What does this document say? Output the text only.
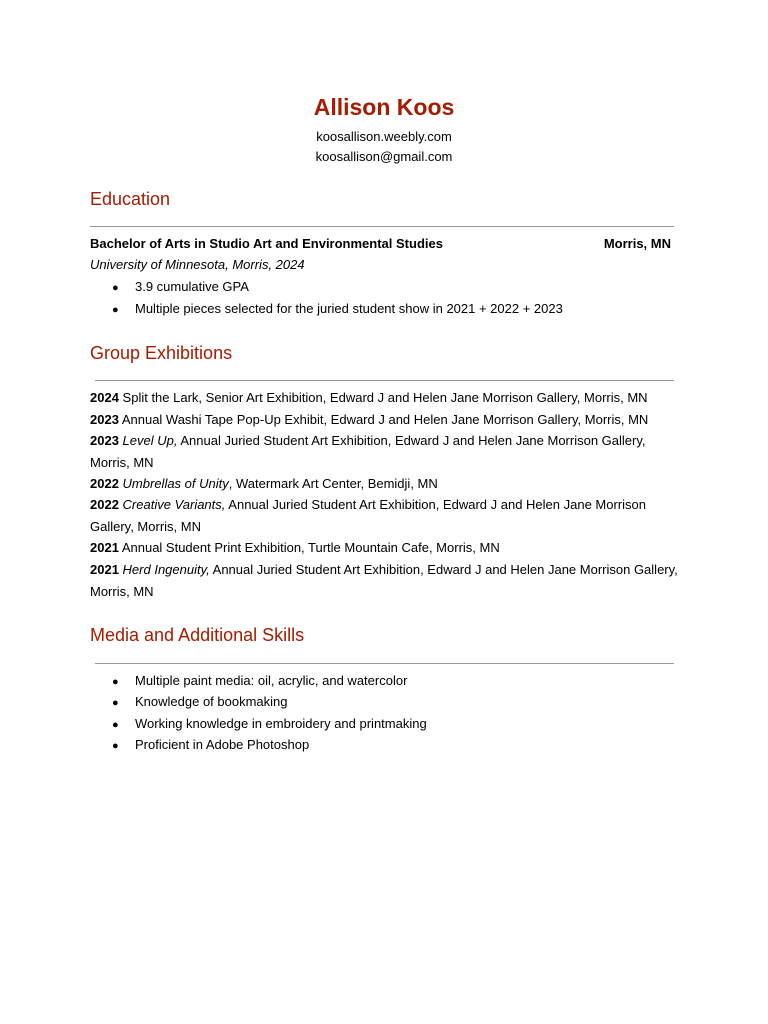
Allison Koos
koosallison.weebly.com
koosallison@gmail.com
Education
Bachelor of Arts in Studio Art and Environmental Studies	Morris, MN
University of Minnesota, Morris, 2024
● 3.9 cumulative GPA
● Multiple pieces selected for the juried student show in 2021 + 2022 + 2023
Group Exhibitions
2024 Split the Lark, Senior Art Exhibition, Edward J and Helen Jane Morrison Gallery, Morris, MN
2023 Annual Washi Tape Pop-Up Exhibit, Edward J and Helen Jane Morrison Gallery, Morris, MN
2023 Level Up, Annual Juried Student Art Exhibition, Edward J and Helen Jane Morrison Gallery, Morris, MN
2022 Umbrellas of Unity, Watermark Art Center, Bemidji, MN
2022 Creative Variants, Annual Juried Student Art Exhibition, Edward J and Helen Jane Morrison Gallery, Morris, MN
2021 Annual Student Print Exhibition, Turtle Mountain Cafe, Morris, MN
2021 Herd Ingenuity, Annual Juried Student Art Exhibition, Edward J and Helen Jane Morrison Gallery, Morris, MN
Media and Additional Skills
● Multiple paint media: oil, acrylic, and watercolor
● Knowledge of bookmaking
● Working knowledge in embroidery and printmaking
● Proficient in Adobe Photoshop
